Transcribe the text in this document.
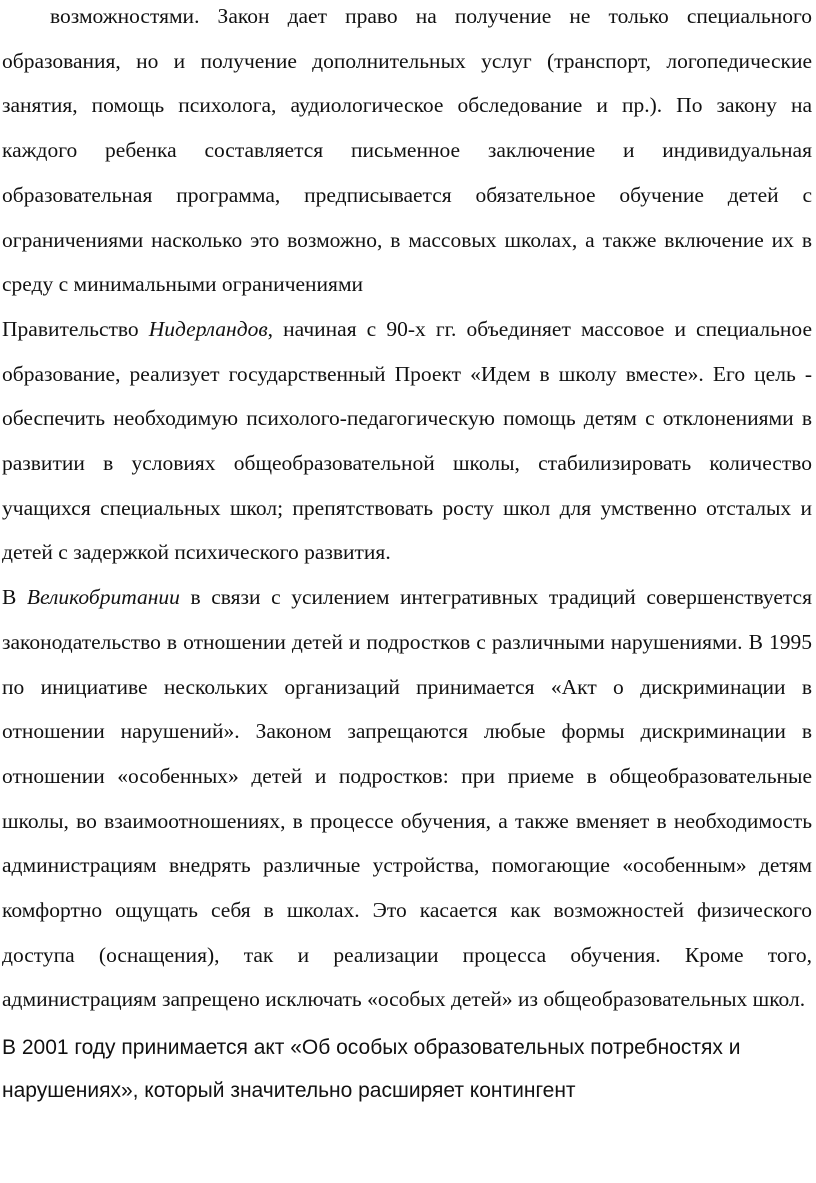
возможностями. Закон дает право на получение не только специального образования, но и получение дополнительных услуг (транспорт, логопедические занятия, помощь психолога, аудиологическое обследование и пр.). По закону на каждого ребенка составляется письменное заключение и индивидуальная образовательная программа, предписывается обязательное обучение детей с ограничениями насколько это возможно, в массовых школах, а также включение их в среду с минимальными ограничениями

Правительство Нидерландов, начиная с 90-х гг. объединяет массовое и специальное образование, реализует государственный Проект «Идем в школу вместе». Его цель - обеспечить необходимую психолого-педагогическую помощь детям с отклонениями в развитии в условиях общеобразовательной школы, стабилизировать количество учащихся специальных школ; препятствовать росту школ для умственно отсталых и детей с задержкой психического развития.

В Великобритании в связи с усилением интегративных традиций совершенствуется законодательство в отношении детей и подростков с различными нарушениями. В 1995 по инициативе нескольких организаций принимается «Акт о дискриминации в отношении нарушений». Законом запрещаются любые формы дискриминации в отношении «особенных» детей и подростков: при приеме в общеобразовательные школы, во взаимоотношениях, в процессе обучения, а также вменяет в необходимость администрациям внедрять различные устройства, помогающие «особенным» детям комфортно ощущать себя в школах. Это касается как возможностей физического доступа (оснащения), так и реализации процесса обучения. Кроме того, администрациям запрещено исключать «особых детей» из общеобразовательных школ.

В 2001 году принимается акт «Об особых образовательных потребностях и нарушениях», который значительно расширяет контингент
